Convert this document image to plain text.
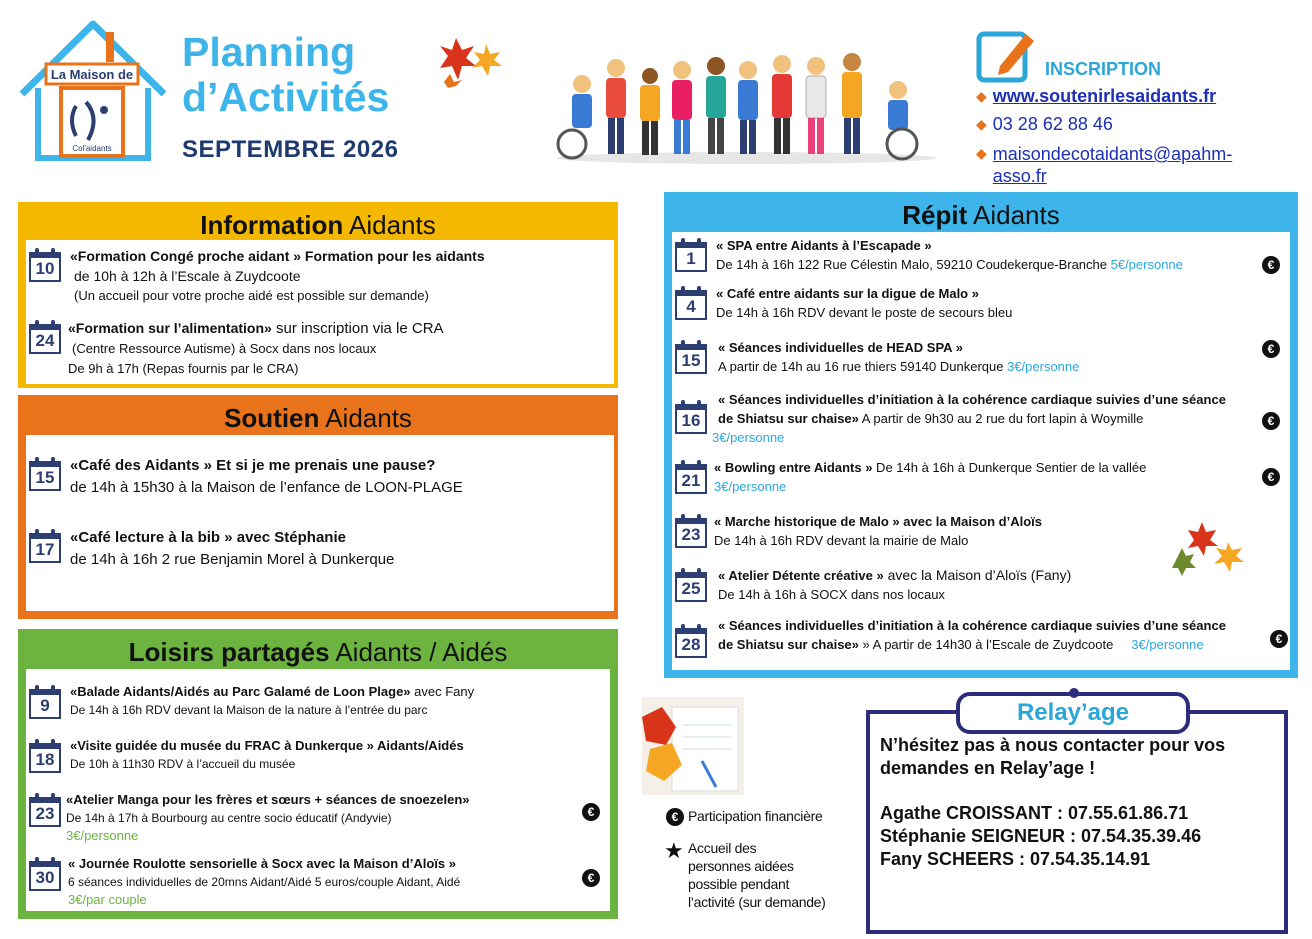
La Maison de
Col'aidants
Planning
d’Activités
SEPTEMBRE 2026
INSCRIPTION
◆ www.soutenirlesaidants.fr
◆ 03 28 62 88 46
◆ maisondecotaidants@apahm-
asso.fr
Information Aidants
10
«Formation Congé proche aidant » Formation pour les aidants
de 10h à 12h à l’Escale à Zuydcoote
(Un accueil pour votre proche aidé est possible sur demande)
24
«Formation sur l’alimentation» sur inscription via le CRA
(Centre Ressource Autisme) à Socx dans nos locaux
De 9h à 17h (Repas fournis par le CRA)
Soutien Aidants
15
«Café des Aidants » Et si je me prenais une pause?
de 14h à 15h30 à la Maison de l’enfance de LOON-PLAGE
17
«Café lecture à la bib » avec Stéphanie
de 14h à 16h 2 rue Benjamin Morel à Dunkerque
Loisirs partagés Aidants / Aidés
9
«Balade Aidants/Aidés au Parc Galamé de Loon Plage» avec Fany
De 14h à 16h RDV devant la Maison de la nature à l’entrée du parc
18
«Visite guidée du musée du FRAC à Dunkerque » Aidants/Aidés
De 10h à 11h30 RDV à l’accueil du musée
23
«Atelier Manga pour les frères et sœurs + séances de snoezelen»
De 14h à 17h à Bourbourg au centre socio éducatif (Andyvie)
3€/personne
€
30
« Journée Roulotte sensorielle à Socx avec la Maison d’Aloïs »
6 séances individuelles de 20mns Aidant/Aidé 5 euros/couple Aidant, Aidé
3€/par couple
€
Répit Aidants
1
« SPA entre Aidants à l’Escapade »
De 14h à 16h 122 Rue Célestin Malo, 59210 Coudekerque-Branche 5€/personne	€
4
« Café entre aidants sur la digue de Malo »
De 14h à 16h RDV devant le poste de secours bleu
15
« Séances individuelles de HEAD SPA »
A partir de 14h au 16 rue thiers 59140 Dunkerque 3€/personne
€
16
« Séances individuelles d’initiation à la cohérence cardiaque suivies d’une séance
de Shiatsu sur chaise» A partir de 9h30 au 2 rue du fort lapin à Woymille
3€/personne
€
21
« Bowling entre Aidants » De 14h à 16h à Dunkerque Sentier de la vallée
3€/personne
€
23
« Marche historique de Malo » avec la Maison d’Aloïs
De 14h à 16h RDV devant la mairie de Malo
25
« Atelier Détente créative » avec la Maison d’Aloïs (Fany)
De 14h à 16h à SOCX dans nos locaux
28
« Séances individuelles d’initiation à la cohérence cardiaque suivies d’une séance
de Shiatsu sur chaise» » A partir de 14h30 à l’Escale de Zuydcoote 3€/personne	€
€ Participation financière
★ Accueil des
personnes aidées
possible pendant
l’activité (sur demande)
Relay’age
N’hésitez pas à nous contacter pour vos
demandes en Relay’age !
Agathe CROISSANT : 07.55.61.86.71
Stéphanie SEIGNEUR : 07.54.35.39.46
Fany SCHEERS : 07.54.35.14.91
